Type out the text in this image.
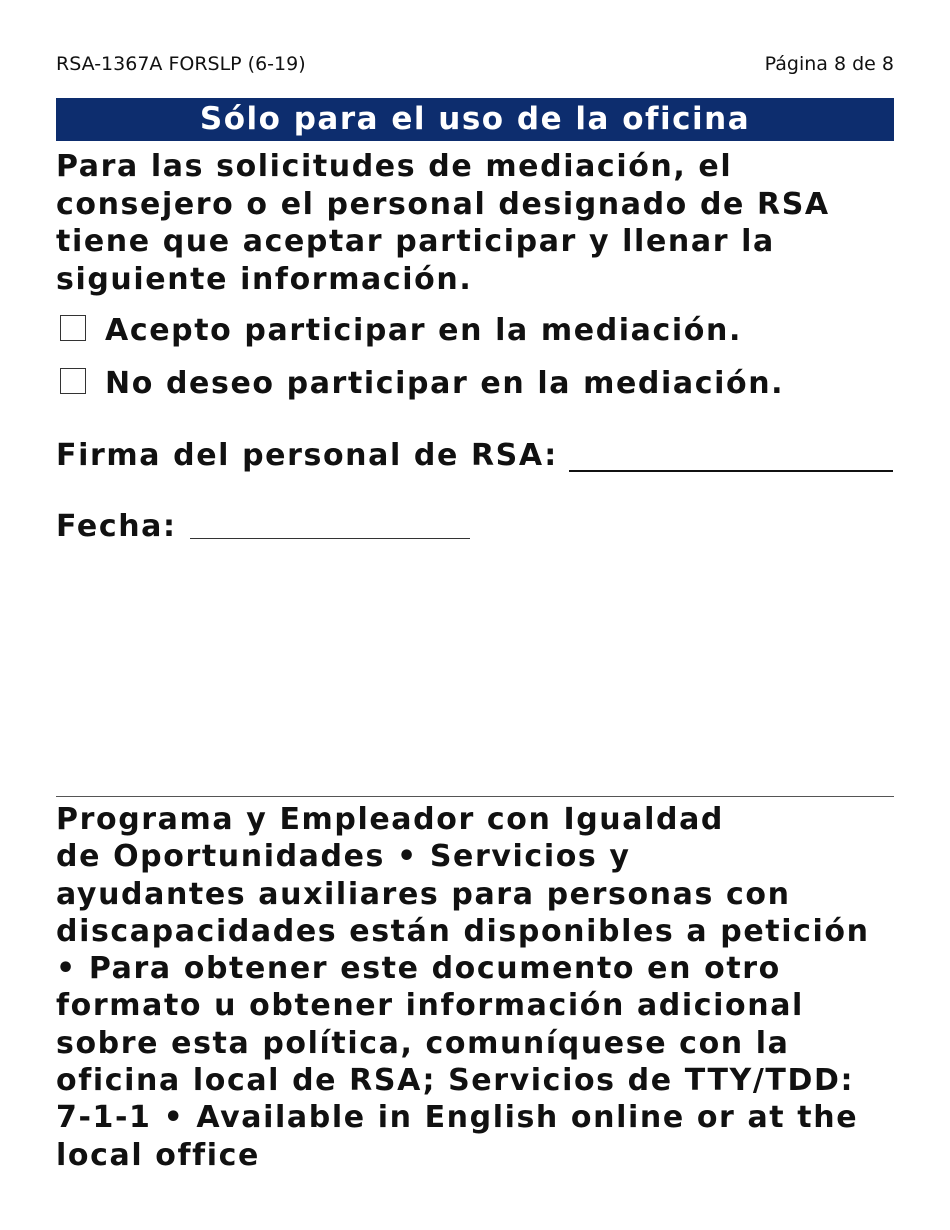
RSA-1367A FORSLP (6-19)	Página 8 de 8
Sólo para el uso de la oficina
Para las solicitudes de mediación, el
consejero o el personal designado de RSA
tiene que aceptar participar y llenar la
siguiente información.
Acepto participar en la mediación.
No deseo participar en la mediación.
Firma del personal de RSA:
Fecha:
Programa y Empleador con Igualdad
de Oportunidades • Servicios y
ayudantes auxiliares para personas con
discapacidades están disponibles a petición
• Para obtener este documento en otro
formato u obtener información adicional
sobre esta política, comuníquese con la
oficina local de RSA; Servicios de TTY/TDD:
7-1-1 • Available in English online or at the
local office
